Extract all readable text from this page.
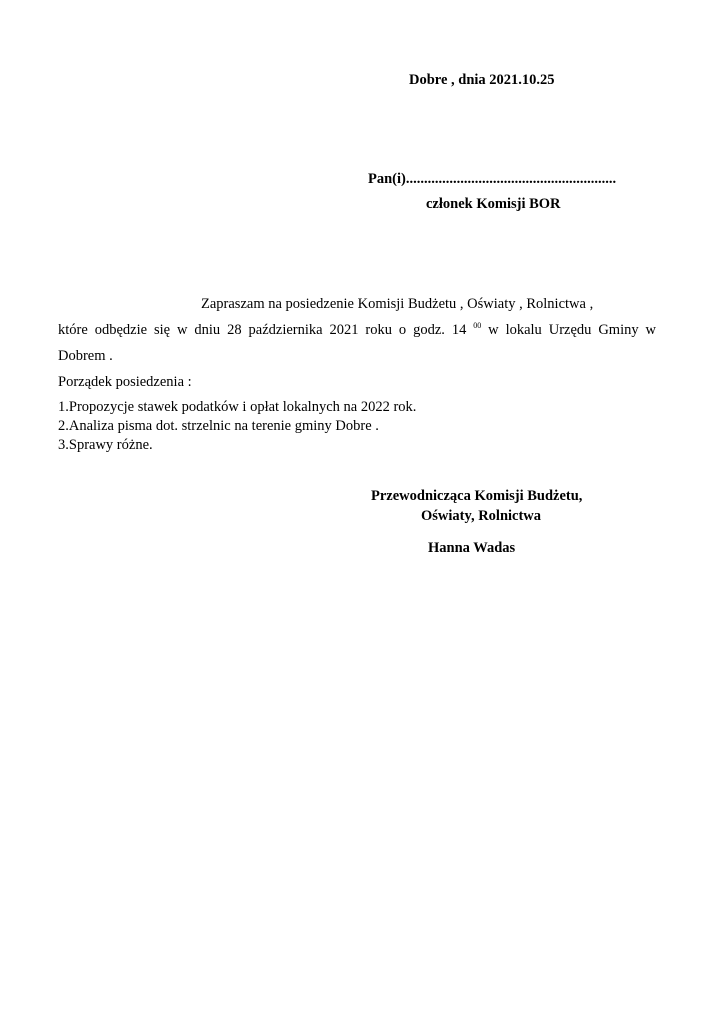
Dobre , dnia 2021.10.25
Pan(i)..........................................................
członek Komisji BOR
Zapraszam na posiedzenie Komisji Budżetu , Oświaty , Rolnictwa ,
które odbędzie się w dniu 28 października 2021 roku o godz. 14 $^{00}$ w lokalu Urzędu Gminy w
Dobrem .
Porządek posiedzenia :
1.Propozycje stawek podatków i opłat lokalnych na 2022 rok.
2.Analiza pisma dot. strzelnic na terenie gminy Dobre .
3.Sprawy różne.
Przewodnicząca Komisji Budżetu,
Oświaty, Rolnictwa
Hanna Wadas
